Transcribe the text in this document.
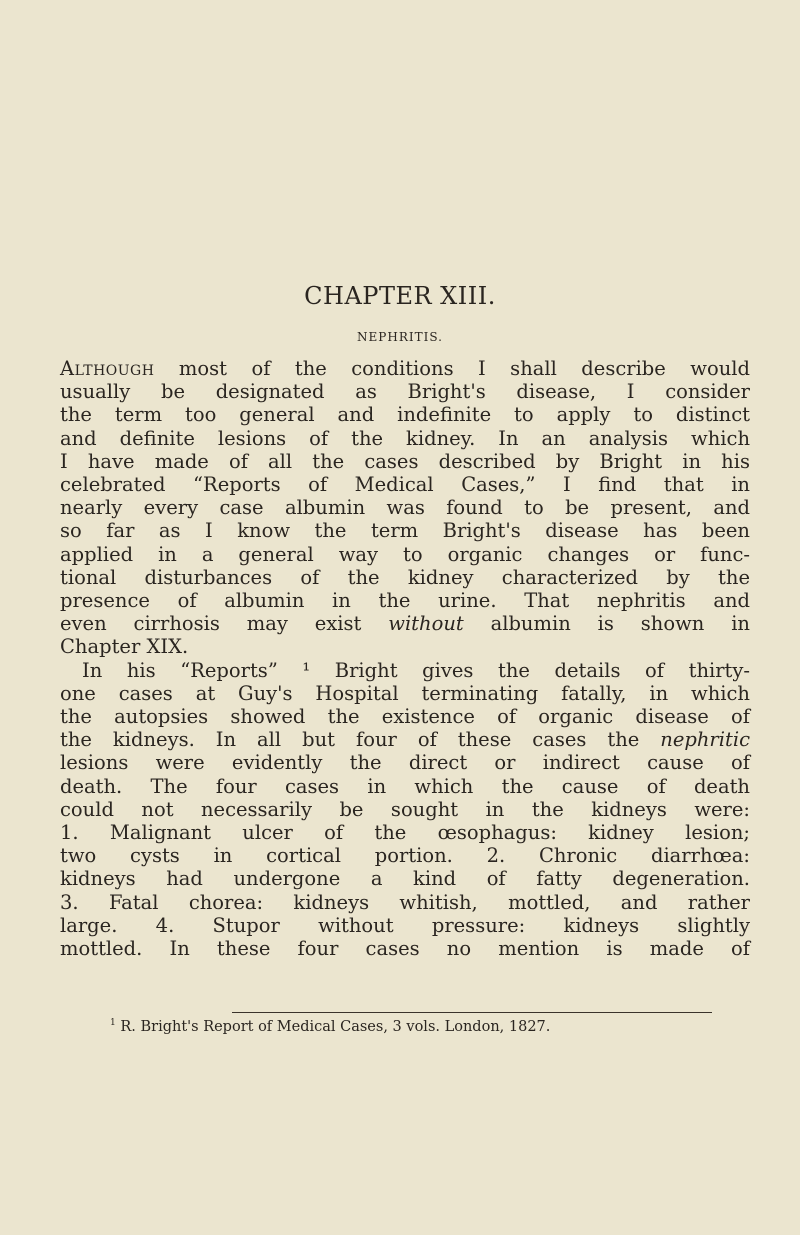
CHAPTER XIII.
NEPHRITIS.
Although most of the conditions I shall describe would
usually be designated as Bright's disease, I consider
the term too general and indefinite to apply to distinct
and definite lesions of the kidney. In an analysis which
I have made of all the cases described by Bright in his
celebrated “Reports of Medical Cases,” I find that in
nearly every case albumin was found to be present, and
so far as I know the term Bright's disease has been
applied in a general way to organic changes or func-
tional disturbances of the kidney characterized by the
presence of albumin in the urine. That nephritis and
even cirrhosis may exist without albumin is shown in
Chapter XIX.
In his “Reports” ¹ Bright gives the details of thirty-
one cases at Guy's Hospital terminating fatally, in which
the autopsies showed the existence of organic disease of
the kidneys. In all but four of these cases the nephritic
lesions were evidently the direct or indirect cause of
death. The four cases in which the cause of death
could not necessarily be sought in the kidneys were:
1. Malignant ulcer of the œsophagus: kidney lesion;
two cysts in cortical portion. 2. Chronic diarrhœa:
kidneys had undergone a kind of fatty degeneration.
3. Fatal chorea: kidneys whitish, mottled, and rather
large. 4. Stupor without pressure: kidneys slightly
mottled. In these four cases no mention is made of
$^1$ R. Bright's Report of Medical Cases, 3 vols. London, 1827.
